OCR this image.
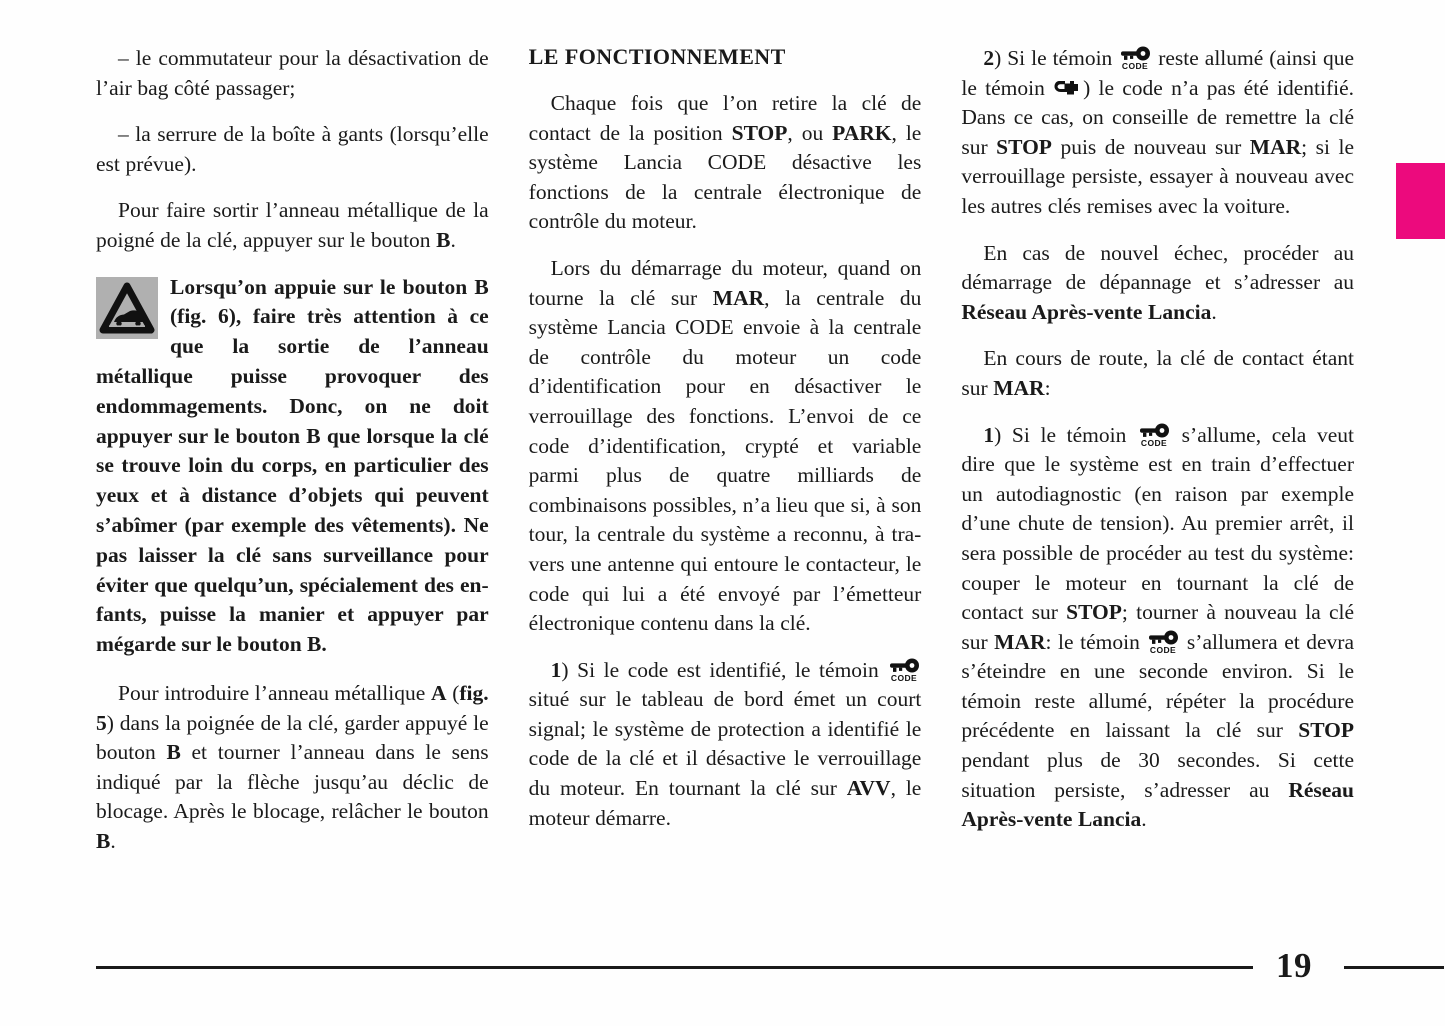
– le commutateur pour la désactivation de l’air bag côté passager;

– la serrure de la boîte à gants (lorsqu’elle est prévue).

Pour faire sortir l’anneau métallique de la poigné de la clé, appuyer sur le bouton B.

Lorsqu’on appuie sur le bouton B (fig. 6), faire très attention à ce que la sortie de l’anneau métallique puisse provoquer des endommagements. Donc, on ne doit appuyer sur le bouton B que lorsque la clé se trouve loin du corps, en particulier des yeux et à distance d’objets qui peuvent s’abîmer (par exemple des vêtements). Ne pas laisser la clé sans surveillance pour éviter que quelqu’un, spécialement des enfants, puisse la manier et appuyer par mégarde sur le bouton B.

Pour introduire l’anneau métallique A (fig. 5) dans la poignée de la clé, garder appuyé le bouton B et tourner l’anneau dans le sens indiqué par la flèche jusqu’au déclic de blocage. Après le blocage, relâcher le bouton B.

LE FONCTIONNEMENT

Chaque fois que l’on retire la clé de contact de la position STOP, ou PARK, le système Lancia CODE désactive les fonctions de la centrale électronique de contrôle du moteur.

Lors du démarrage du moteur, quand on tourne la clé sur MAR, la centrale du système Lancia CODE envoie à la centrale de contrôle du moteur un code d’identification pour en désactiver le verrouillage des fonctions. L’envoi de ce code d’identification, crypté et variable parmi plus de quatre milliards de combinaisons possibles, n’a lieu que si, à son tour, la centrale du système a reconnu, à travers une antenne qui entoure le contacteur, le code qui lui a été envoyé par l’émetteur électronique contenu dans la clé.

1) Si le code est identifié, le témoin CODE
situé sur le tableau de bord émet un court signal; le système de protection a identifié le code de la clé et il désactive le verrouillage du moteur. En tournant la clé sur AVV, le moteur démarre.

2) Si le témoin CODE reste allumé (ainsi que le témoin
) le code n’a pas été identifié. Dans ce cas, on conseille de remettre la clé sur STOP puis de nouveau sur MAR; si le verrouillage persiste, essayer à nouveau avec les autres clés remises avec la voiture.

En cas de nouvel échec, procéder au démarrage de dépannage et s’adresser au Réseau Après-vente Lancia.

En cours de route, la clé de contact étant sur MAR:

1) Si le témoin CODE s’allume, cela veut dire que le système est en train d’effectuer un autodiagnostic (en raison par exemple d’une chute de tension). Au premier arrêt, il sera possible de procéder au test du système: couper le moteur en tournant la clé de contact sur STOP; tourner à nouveau la clé sur MAR: le témoin CODE s’allumera et devra s’éteindre en une seconde environ. Si le témoin reste allumé, répéter la procédure précédente en laissant la clé sur STOP pendant plus de 30 secondes. Si cette situation persiste, s’adresser au Réseau Après-vente Lancia.

19
